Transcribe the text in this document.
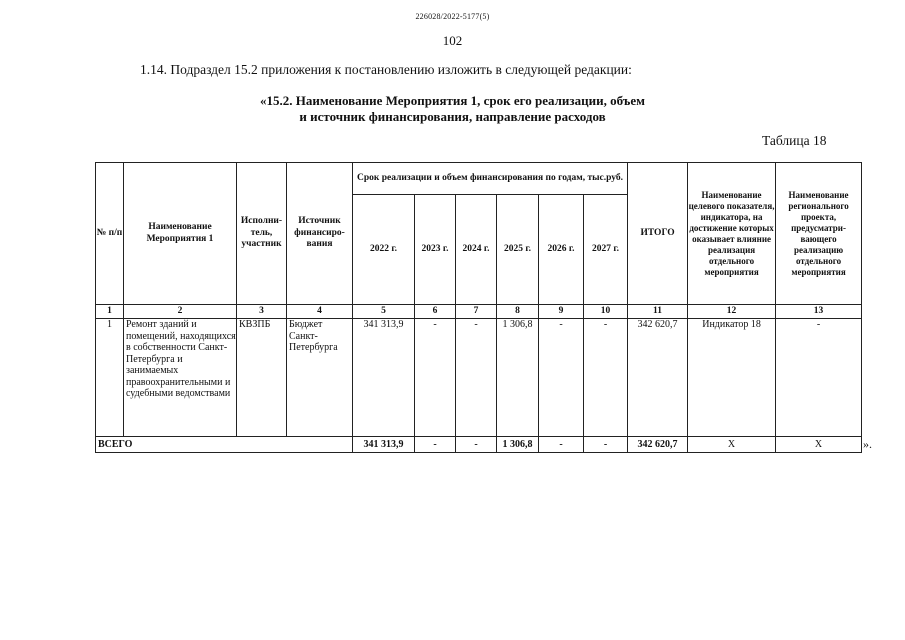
226028/2022-5177(5)
102
1.14. Подраздел 15.2 приложения к постановлению изложить в следующей редакции:
«15.2. Наименование Мероприятия 1, срок его реализации, объем
и источник финансирования, направление расходов
Таблица 18
№ п/п	Наименование Мероприятия 1	Исполни-тель, участник	Источник финансиро-вания	Срок реализации и объем финансирования по годам, тыс.руб.						ИТОГО	Наименование целевого показателя, индикатора, на достижение которых оказывает влияние реализация отдельного мероприятия	Наименование регионального проекта, предусматри-вающего реализацию отдельного мероприятия
				2022 г.	2023 г.	2024 г.	2025 г.	2026 г.	2027 г.			
1	2	3	4	5	6	7	8	9	10	11	12	13
1	Ремонт зданий и помещений, находящихся в собственности Санкт-Петербурга и занимаемых правоохранительными и судебными ведомствами	КВЗПБ	Бюджет Санкт-Петербурга	341 313,9	-	-	1 306,8	-	-	342 620,7	Индикатор 18	-
ВСЕГО				341 313,9	-	-	1 306,8	-	-	342 620,7	Х	Х	».
